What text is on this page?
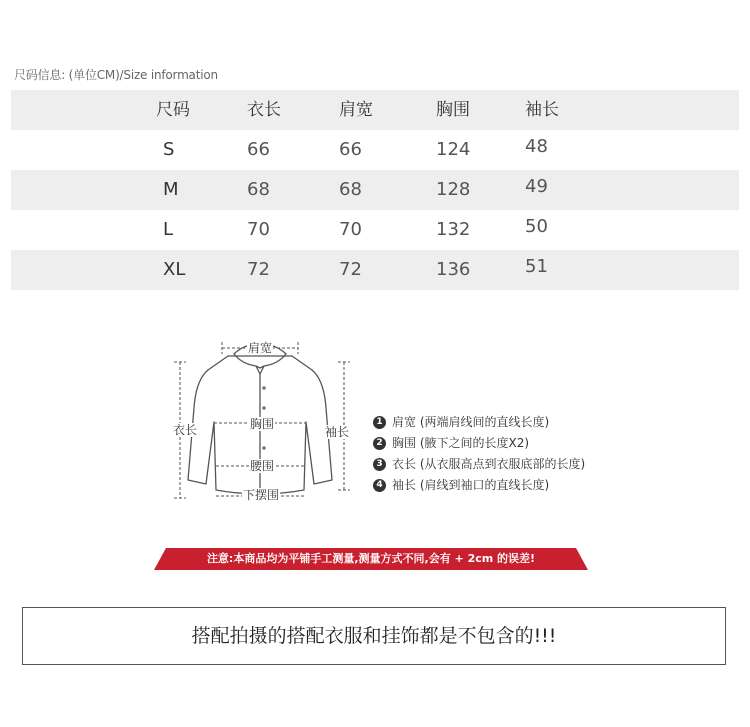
尺码信息: (单位CM)/Size information
尺码	衣长	肩宽	胸围	袖长
S	66	66	124	48
M	68	68	128	49
L	70	70	132	50
XL	72	72	136	51
肩宽
胸围
腰围
衣长	袖长
下摆围
1 肩宽 (两端肩线间的直线长度)
2 胸围 (腋下之间的长度X2)
3 衣长 (从衣服高点到衣服底部的长度)
4 袖长 (肩线到袖口的直线长度)
注意:本商品均为平铺手工测量,测量方式不同,会有 + 2cm 的误差!
搭配拍摄的搭配衣服和挂饰都是不包含的!!!
